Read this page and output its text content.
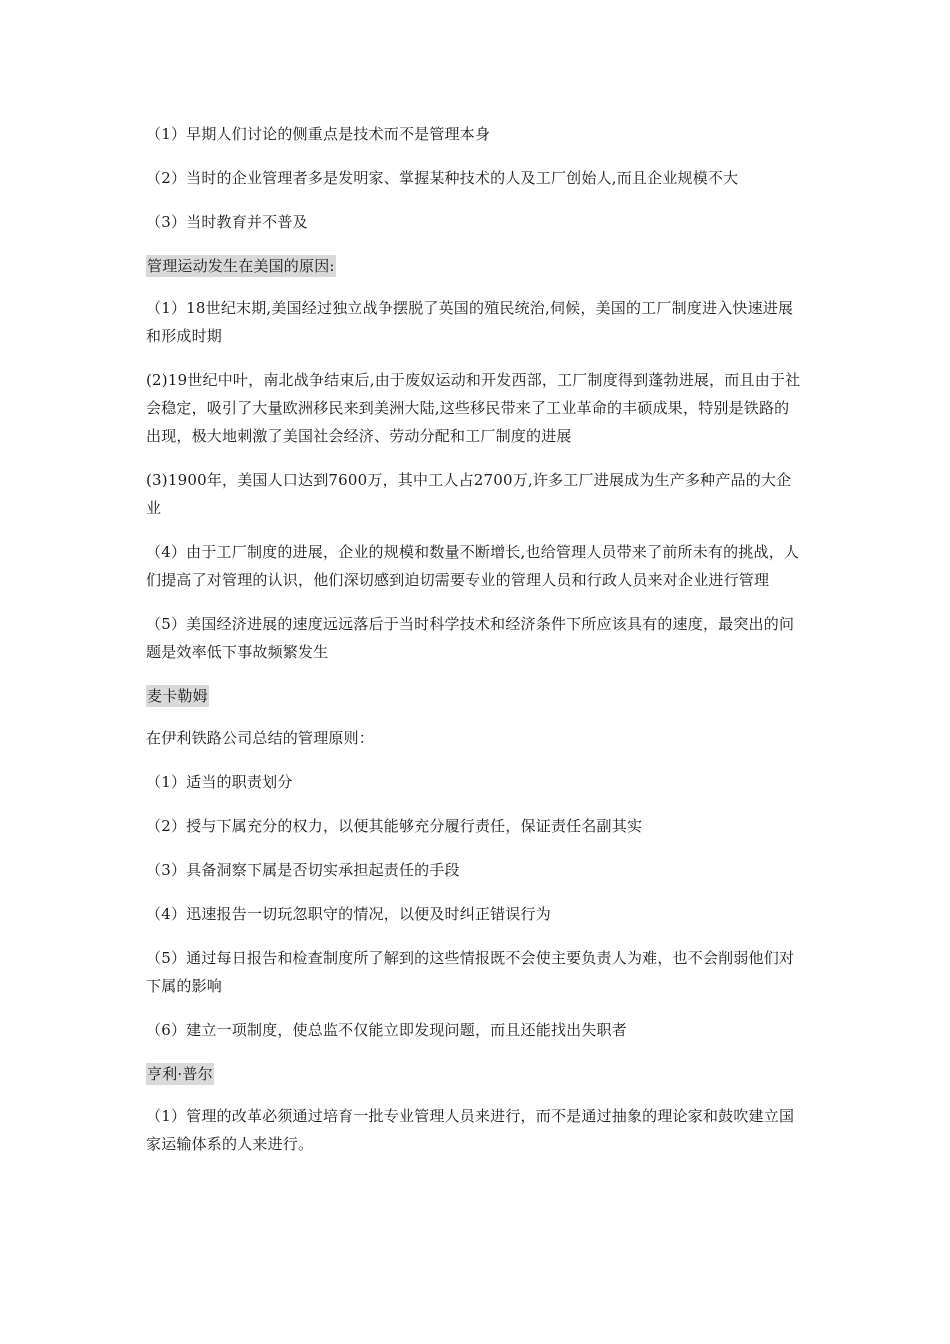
（1）早期人们讨论的侧重点是技术而不是管理本身

（2）当时的企业管理者多是发明家、掌握某种技术的人及工厂创始人,而且企业规模不大

（3）当时教育并不普及

管理运动发生在美国的原因:

（1）18世纪末期,美国经过独立战争摆脱了英国的殖民统治,伺候，美国的工厂制度进入快速进展和形成时期

(2)19世纪中叶，南北战争结束后,由于废奴运动和开发西部，工厂制度得到蓬勃进展，而且由于社会稳定，吸引了大量欧洲移民来到美洲大陆,这些移民带来了工业革命的丰硕成果，特别是铁路的出现，极大地刺激了美国社会经济、劳动分配和工厂制度的进展

(3)1900年，美国人口达到7600万，其中工人占2700万,许多工厂进展成为生产多种产品的大企业

（4）由于工厂制度的进展，企业的规模和数量不断增长,也给管理人员带来了前所未有的挑战，人们提高了对管理的认识，他们深切感到迫切需要专业的管理人员和行政人员来对企业进行管理

（5）美国经济进展的速度远远落后于当时科学技术和经济条件下所应该具有的速度，最突出的问题是效率低下事故频繁发生

麦卡勒姆

在伊利铁路公司总结的管理原则：

（1）适当的职责划分

（2）授与下属充分的权力，以便其能够充分履行责任，保证责任名副其实

（3）具备洞察下属是否切实承担起责任的手段

（4）迅速报告一切玩忽职守的情况，以便及时纠正错误行为

（5）通过每日报告和检查制度所了解到的这些情报既不会使主要负责人为难，也不会削弱他们对下属的影响

（6）建立一项制度，使总监不仅能立即发现问题，而且还能找出失职者

亨利·普尔

（1）管理的改革必须通过培育一批专业管理人员来进行，而不是通过抽象的理论家和鼓吹建立国家运输体系的人来进行。
